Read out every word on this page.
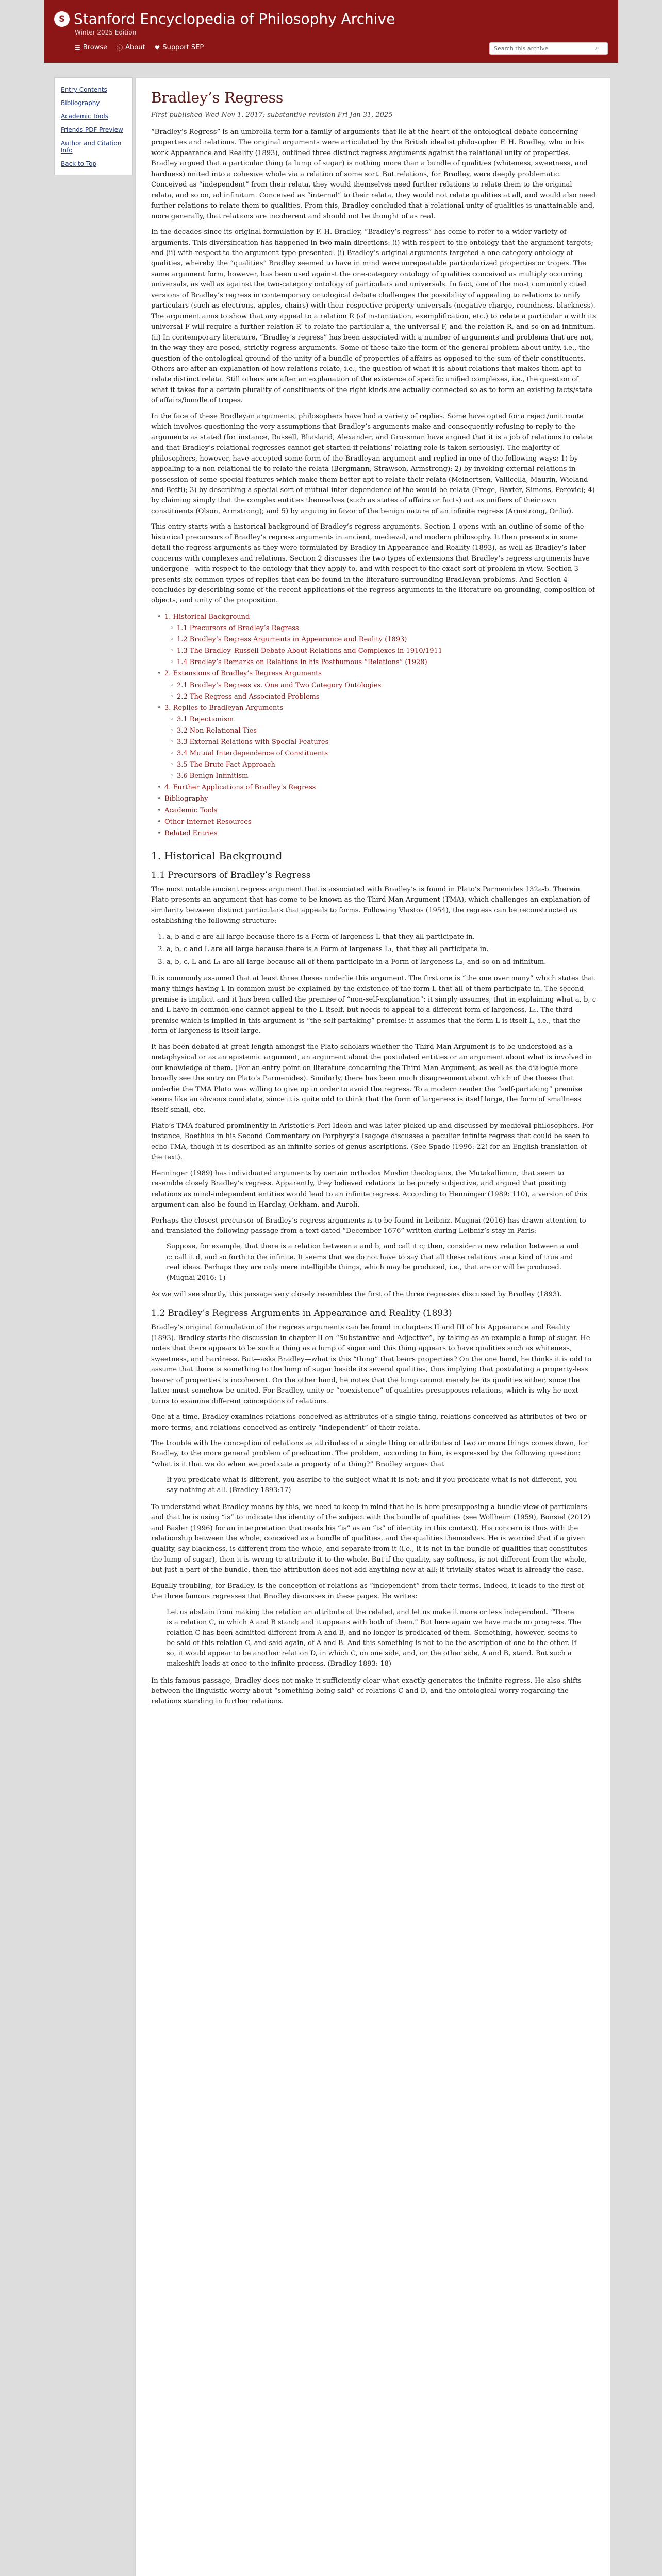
S Stanford Encyclopedia of Philosophy Archive
Winter 2025 Edition
☰ Browse ⓘ About ♥ Support SEP
Search this archive	⌕
Entry Contents
Bibliography
Academic Tools
Friends PDF Preview
Author and Citation Info
Back to Top
Bradley’s Regress
First published Wed Nov 1, 2017; substantive revision Fri Jan 31, 2025

“Bradley’s Regress” is an umbrella term for a family of arguments that lie at the heart of the ontological debate concerning properties and relations. The original arguments were articulated by the British idealist philosopher F. H. Bradley, who in his work Appearance and Reality (1893), outlined three distinct regress arguments against the relational unity of properties. Bradley argued that a particular thing (a lump of sugar) is nothing more than a bundle of qualities (whiteness, sweetness, and hardness) united into a cohesive whole via a relation of some sort. But relations, for Bradley, were deeply problematic. Conceived as “independent” from their relata, they would themselves need further relations to relate them to the original relata, and so on, ad infinitum. Conceived as “internal” to their relata, they would not relate qualities at all, and would also need further relations to relate them to qualities. From this, Bradley concluded that a relational unity of qualities is unattainable and, more generally, that relations are incoherent and should not be thought of as real.

In the decades since its original formulation by F. H. Bradley, “Bradley’s regress” has come to refer to a wider variety of arguments. This diversification has happened in two main directions: (i) with respect to the ontology that the argument targets; and (ii) with respect to the argument-type presented. (i) Bradley’s original arguments targeted a one-category ontology of qualities, whereby the “qualities” Bradley seemed to have in mind were unrepeatable particularized properties or tropes. The same argument form, however, has been used against the one-category ontology of qualities conceived as multiply occurring universals, as well as against the two-category ontology of particulars and universals. In fact, one of the most commonly cited versions of Bradley’s regress in contemporary ontological debate challenges the possibility of appealing to relations to unify particulars (such as electrons, apples, chairs) with their respective property universals (negative charge, roundness, blackness). The argument aims to show that any appeal to a relation R (of instantiation, exemplification, etc.) to relate a particular a with its universal F will require a further relation R′ to relate the particular a, the universal F, and the relation R, and so on ad infinitum. (ii) In contemporary literature, “Bradley’s regress” has been associated with a number of arguments and problems that are not, in the way they are posed, strictly regress arguments. Some of these take the form of the general problem about unity, i.e., the question of the ontological ground of the unity of a bundle of properties of affairs as opposed to the sum of their constituents. Others are after an explanation of how relations relate, i.e., the question of what it is about relations that makes them apt to relate distinct relata. Still others are after an explanation of the existence of specific unified complexes, i.e., the question of what it takes for a certain plurality of constituents of the right kinds are actually connected so as to form an existing facts/state of affairs/bundle of tropes.

In the face of these Bradleyan arguments, philosophers have had a variety of replies. Some have opted for a reject/unit route which involves questioning the very assumptions that Bradley’s arguments make and consequently refusing to reply to the arguments as stated (for instance, Russell, Bliasland, Alexander, and Grossman have argued that it is a job of relations to relate and that Bradley’s relational regresses cannot get started if relations’ relating role is taken seriously). The majority of philosophers, however, have accepted some form of the Bradleyan argument and replied in one of the following ways: 1) by appealing to a non-relational tie to relate the relata (Bergmann, Strawson, Armstrong); 2) by invoking external relations in possession of some special features which make them better apt to relate their relata (Meinertsen, Vallicella, Maurin, Wieland and Betti); 3) by describing a special sort of mutual inter-dependence of the would-be relata (Frege, Baxter, Simons, Perovic); 4) by claiming simply that the complex entities themselves (such as states of affairs or facts) act as unifiers of their own constituents (Olson, Armstrong); and 5) by arguing in favor of the benign nature of an infinite regress (Armstrong, Orilia).

This entry starts with a historical background of Bradley’s regress arguments. Section 1 opens with an outline of some of the historical precursors of Bradley’s regress arguments in ancient, medieval, and modern philosophy. It then presents in some detail the regress arguments as they were formulated by Bradley in Appearance and Reality (1893), as well as Bradley’s later concerns with complexes and relations. Section 2 discusses the two types of extensions that Bradley’s regress arguments have undergone—with respect to the ontology that they apply to, and with respect to the exact sort of problem in view. Section 3 presents six common types of replies that can be found in the literature surrounding Bradleyan problems. And Section 4 concludes by describing some of the recent applications of the regress arguments in the literature on grounding, composition of objects, and unity of the proposition.

• 1. Historical Background
◦ 1.1 Precursors of Bradley’s Regress
◦ 1.2 Bradley’s Regress Arguments in Appearance and Reality (1893)
◦ 1.3 The Bradley–Russell Debate About Relations and Complexes in 1910/1911
◦ 1.4 Bradley’s Remarks on Relations in his Posthumous “Relations” (1928)
• 2. Extensions of Bradley’s Regress Arguments
◦ 2.1 Bradley’s Regress vs. One and Two Category Ontologies
◦ 2.2 The Regress and Associated Problems
• 3. Replies to Bradleyan Arguments
◦ 3.1 Rejectionism
◦ 3.2 Non-Relational Ties
◦ 3.3 External Relations with Special Features
◦ 3.4 Mutual Interdependence of Constituents
◦ 3.5 The Brute Fact Approach
◦ 3.6 Benign Infinitism
• 4. Further Applications of Bradley’s Regress
• Bibliography
• Academic Tools
• Other Internet Resources
• Related Entries
1. Historical Background
1.1 Precursors of Bradley’s Regress

The most notable ancient regress argument that is associated with Bradley’s is found in Plato’s Parmenides 132a-b. Therein Plato presents an argument that has come to be known as the Third Man Argument (TMA), which challenges an explanation of similarity between distinct particulars that appeals to forms. Following Vlastos (1954), the regress can be reconstructed as establishing the following structure:

1. a, b and c are all large because there is a Form of largeness L that they all participate in.
2. a, b, c and L are all large because there is a Form of largeness L₁, that they all participate in.
3. a, b, c, L and L₁ are all large because all of them participate in a Form of largeness L₂, and so on ad infinitum.

It is commonly assumed that at least three theses underlie this argument. The first one is “the one over many” which states that many things having L in common must be explained by the existence of the form L that all of them participate in. The second premise is implicit and it has been called the premise of “non-self-explanation”: it simply assumes, that in explaining what a, b, c and L have in common one cannot appeal to the L itself, but needs to appeal to a different form of largeness, L₁. The third premise which is implied in this argument is “the self-partaking” premise: it assumes that the form L is itself L, i.e., that the form of largeness is itself large.

It has been debated at great length amongst the Plato scholars whether the Third Man Argument is to be understood as a metaphysical or as an epistemic argument, an argument about the postulated entities or an argument about what is involved in our knowledge of them. (For an entry point on literature concerning the Third Man Argument, as well as the dialogue more broadly see the entry on Plato’s Parmenides). Similarly, there has been much disagreement about which of the theses that underlie the TMA Plato was willing to give up in order to avoid the regress. To a modern reader the “self-partaking” premise seems like an obvious candidate, since it is quite odd to think that the form of largeness is itself large, the form of smallness itself small, etc.

Plato’s TMA featured prominently in Aristotle’s Peri Ideon and was later picked up and discussed by medieval philosophers. For instance, Boethius in his Second Commentary on Porphyry’s Isagoge discusses a peculiar infinite regress that could be seen to echo TMA, though it is described as an infinite series of genus ascriptions. (See Spade (1996: 22) for an English translation of the text).

Henninger (1989) has individuated arguments by certain orthodox Muslim theologians, the Mutakallimun, that seem to resemble closely Bradley’s regress. Apparently, they believed relations to be purely subjective, and argued that positing relations as mind-independent entities would lead to an infinite regress. According to Henninger (1989: 110), a version of this argument can also be found in Harclay, Ockham, and Auroli.

Perhaps the closest precursor of Bradley’s regress arguments is to be found in Leibniz. Mugnai (2016) has drawn attention to and translated the following passage from a text dated “December 1676” written during Leibniz’s stay in Paris:

Suppose, for example, that there is a relation between a and b, and call it c; then, consider a new relation between a and c: call it d, and so forth to the infinite. It seems that we do not have to say that all these relations are a kind of true and real ideas. Perhaps they are only mere intelligible things, which may be produced, i.e., that are or will be produced. (Mugnai 2016: 1)

As we will see shortly, this passage very closely resembles the first of the three regresses discussed by Bradley (1893).

1.2 Bradley’s Regress Arguments in Appearance and Reality (1893)

Bradley’s original formulation of the regress arguments can be found in chapters II and III of his Appearance and Reality (1893). Bradley starts the discussion in chapter II on “Substantive and Adjective”, by taking as an example a lump of sugar. He notes that there appears to be such a thing as a lump of sugar and this thing appears to have qualities such as whiteness, sweetness, and hardness. But—asks Bradley—what is this “thing” that bears properties? On the one hand, he thinks it is odd to assume that there is something to the lump of sugar beside its several qualities, thus implying that postulating a property-less bearer of properties is incoherent. On the other hand, he notes that the lump cannot merely be its qualities either, since the latter must somehow be united. For Bradley, unity or “coexistence” of qualities presupposes relations, which is why he next turns to examine different conceptions of relations.

One at a time, Bradley examines relations conceived as attributes of a single thing, relations conceived as attributes of two or more terms, and relations conceived as entirely “independent” of their relata.

The trouble with the conception of relations as attributes of a single thing or attributes of two or more things comes down, for Bradley, to the more general problem of predication. The problem, according to him, is expressed by the following question: “what is it that we do when we predicate a property of a thing?” Bradley argues that

If you predicate what is different, you ascribe to the subject what it is not; and if you predicate what is not different, you say nothing at all. (Bradley 1893:17)

To understand what Bradley means by this, we need to keep in mind that he is here presupposing a bundle view of particulars and that he is using “is” to indicate the identity of the subject with the bundle of qualities (see Wollheim (1959), Bonsiel (2012) and Basler (1996) for an interpretation that reads his “is” as an “is” of identity in this context). His concern is thus with the relationship between the whole, conceived as a bundle of qualities, and the qualities themselves. He is worried that if a given quality, say blackness, is different from the whole, and separate from it (i.e., it is not in the bundle of qualities that constitutes the lump of sugar), then it is wrong to attribute it to the whole. But if the quality, say softness, is not different from the whole, but just a part of the bundle, then the attribution does not add anything new at all: it trivially states what is already the case.

Equally troubling, for Bradley, is the conception of relations as “independent” from their terms. Indeed, it leads to the first of the three famous regresses that Bradley discusses in these pages. He writes:

Let us abstain from making the relation an attribute of the related, and let us make it more or less independent. “There is a relation C, in which A and B stand; and it appears with both of them.” But here again we have made no progress. The relation C has been admitted different from A and B, and no longer is predicated of them. Something, however, seems to be said of this relation C, and said again, of A and B. And this something is not to be the ascription of one to the other. If so, it would appear to be another relation D, in which C, on one side, and, on the other side, A and B, stand. But such a makeshift leads at once to the infinite process. (Bradley 1893: 18)

In this famous passage, Bradley does not make it sufficiently clear what exactly generates the infinite regress. He also shifts between the linguistic worry about “something being said” of relations C and D, and the ontological worry regarding the relations standing in further relations.
